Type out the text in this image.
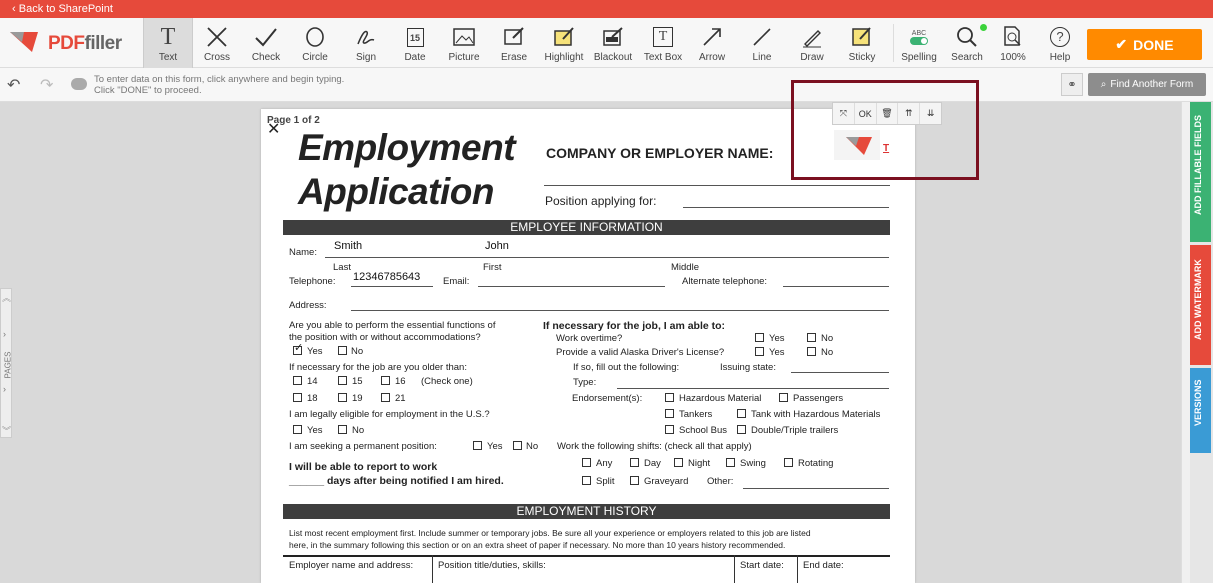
‹ Back to SharePoint
PDFfiller T
Text	Cross	Check	Circle	Sign
15
Date	Picture	Erase	Highlight	Blackout
T
Text Box	Arrow	Line	Draw	Sticky
ABC
Spelling	Search	100%
?
Help
✔ DONE
↶ ↷	To enter data on this form, click anywhere and begin typing.
Click "DONE" to proceed.	⚭ ⌕ Find Another Form
︽
›
PAGES
›
︾
ADD FILLABLE FIELDS
ADD WATERMARK
VERSIONS
Page 1 of 2
✕ Employment
Application
COMPANY OR EMPLOYER NAME:
Position applying for:
EMPLOYEE INFORMATION
Name:
Smith	John
Last	First	Middle
Telephone: 12346785643 Email:	Alternate telephone:
Address:
Are you able to perform the essential functions of
the position with or without accommodations?
✓ Yes	No
If necessary for the job are you older than:
14	15	16 (Check one)
18	19	21
I am legally eligible for employment in the U.S.?
Yes	No
I am seeking a permanent position:	Yes No
I will be able to report to work
______ days after being notified I am hired.
If necessary for the job, I am able to:
Work overtime?	Yes	No
Provide a valid Alaska Driver's License?	Yes	No
If so, fill out the following:	Issuing state:
Type:
Endorsement(s):	Hazardous Material	Passengers
Tankers	Tank with Hazardous Materials
School Bus	Double/Triple trailers
Work the following shifts: (check all that apply)
Any	Day	Night	Swing	Rotating
Split	Graveyard Other:
EMPLOYMENT HISTORY
List most recent employment first. Include summer or temporary jobs. Be sure all your experience or employers related to this job are listed
here, in the summary following this section or on an extra sheet of paper if necessary. No more than 10 years history recommended.
Employer name and address:	Position title/duties, skills:	Start date: End date:
⤧	OK	🗑	⇈	⇊
T
